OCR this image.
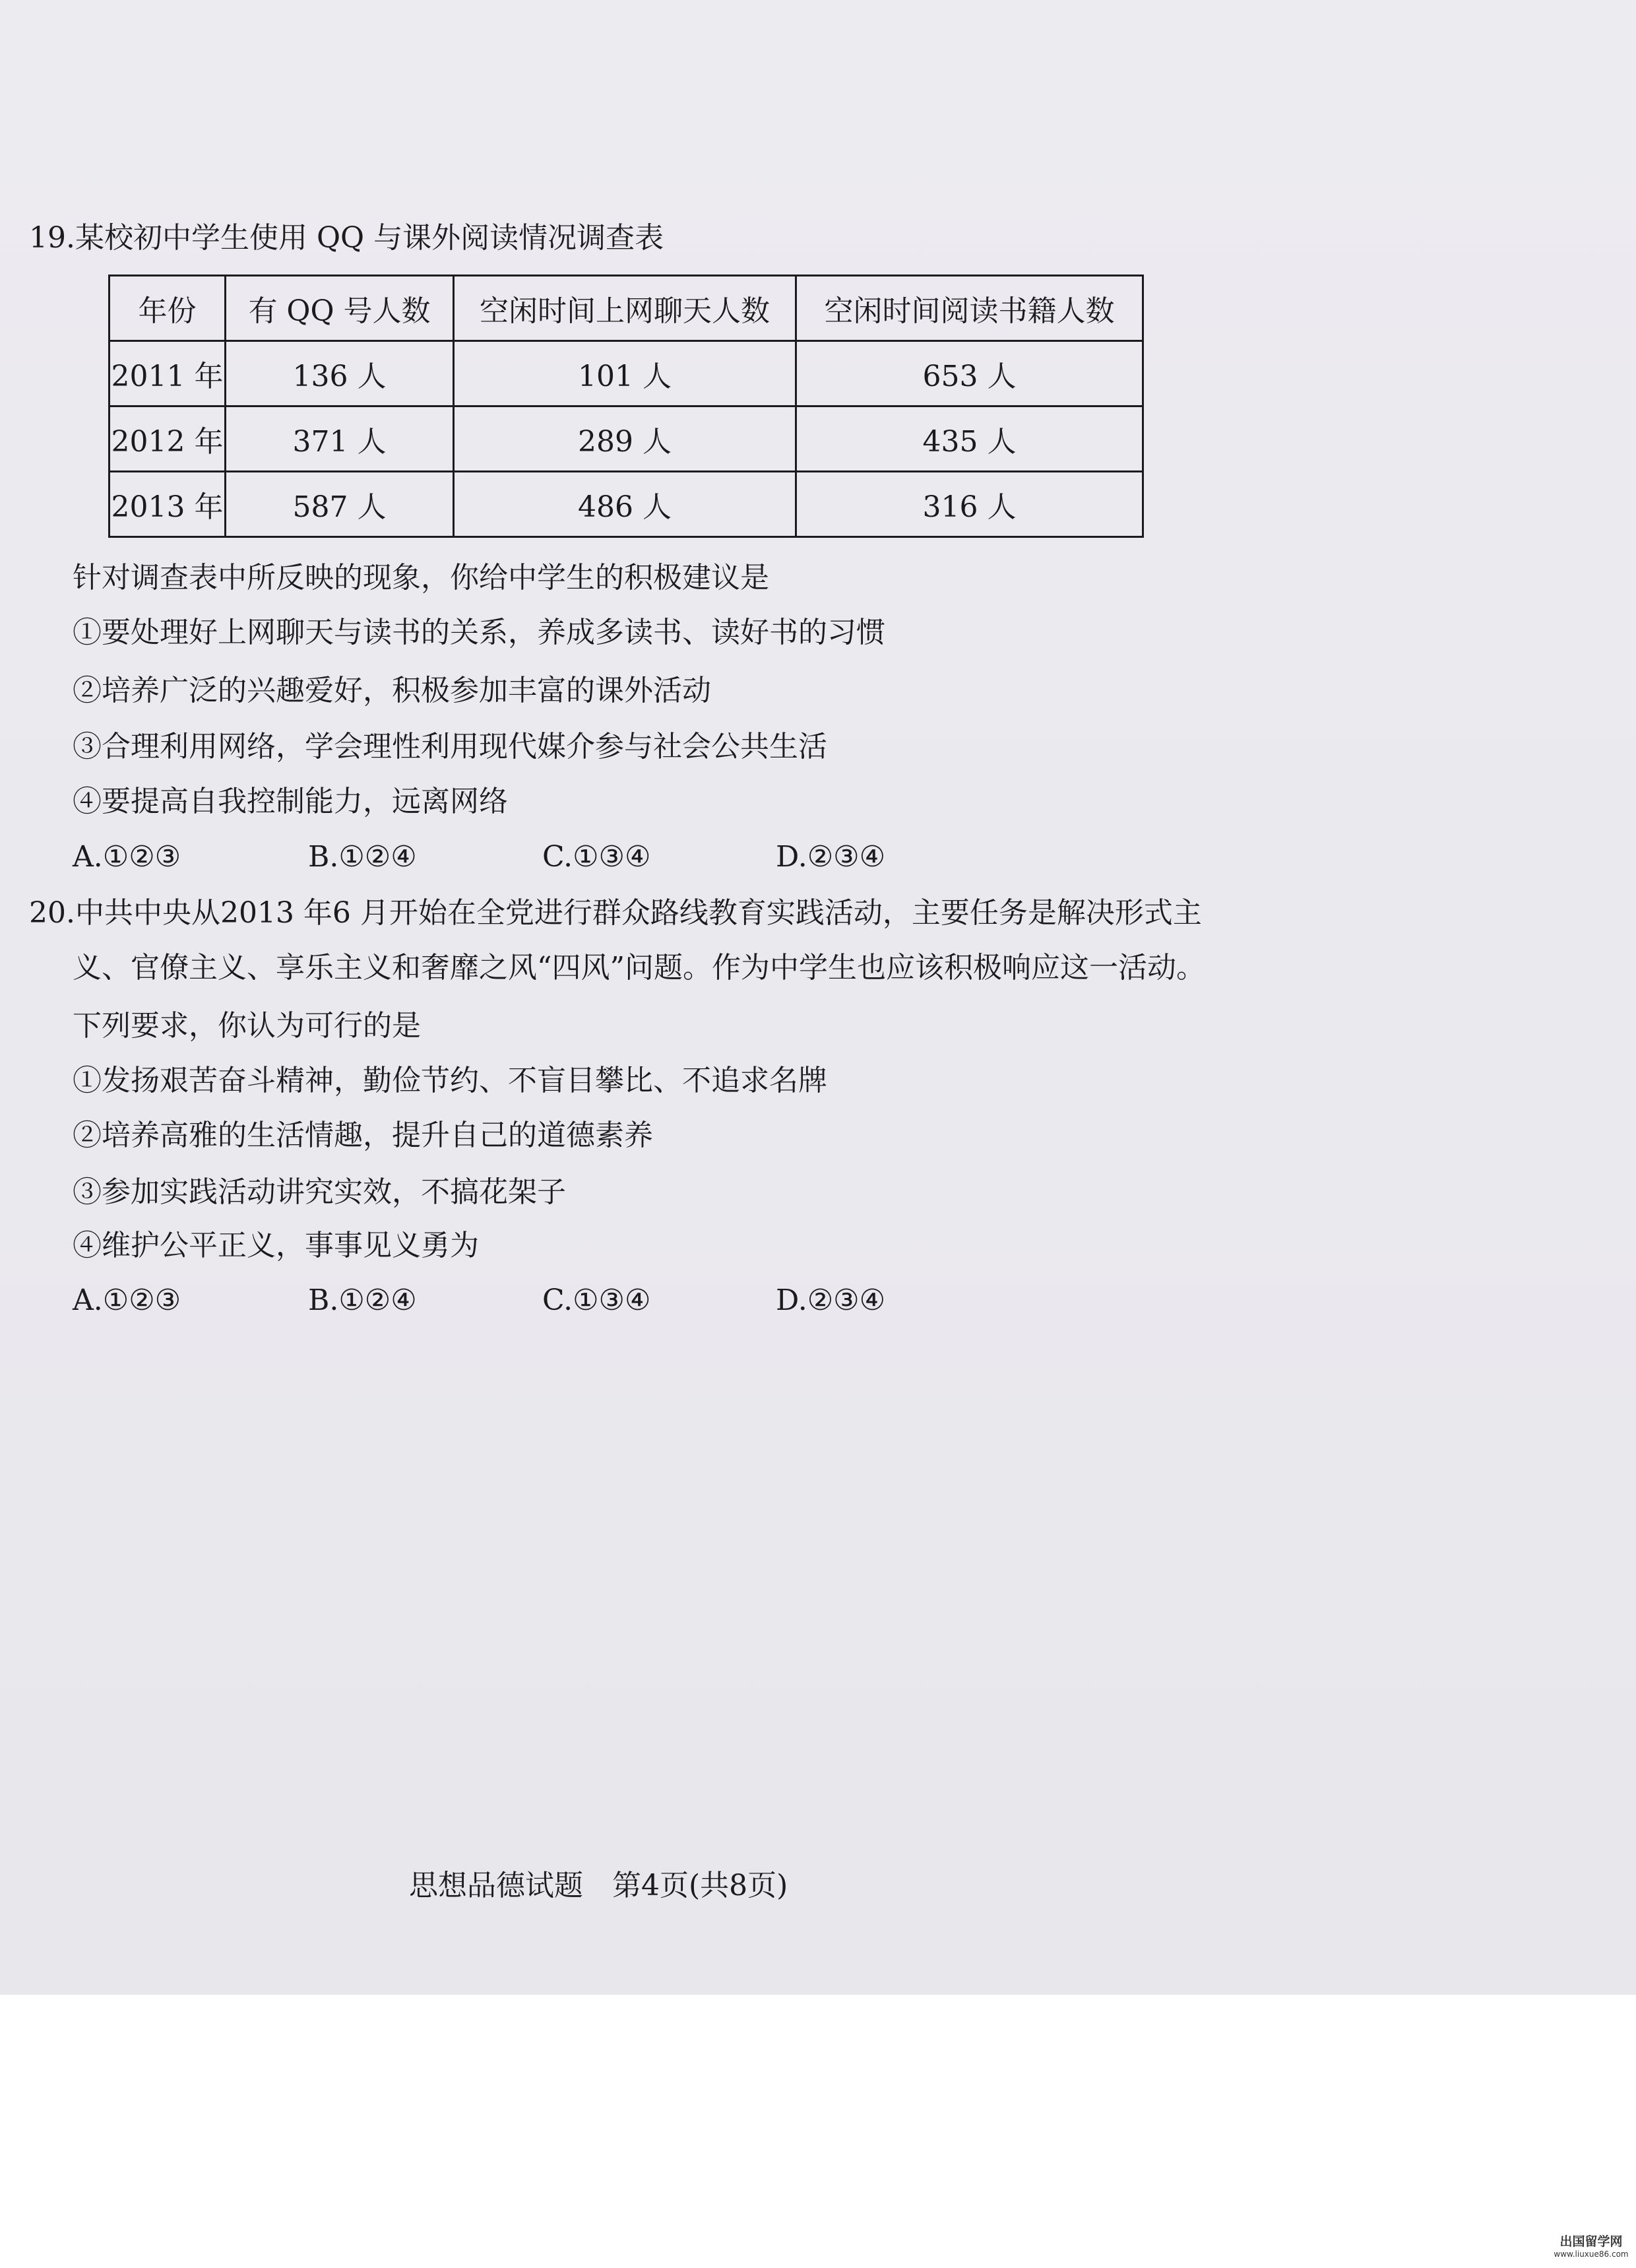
19.某校初中学生使用 QQ 与课外阅读情况调查表
年份	有 QQ 号人数	空闲时间上网聊天人数	空闲时间阅读书籍人数
2011 年	136 人	101 人	653 人
2012 年	371 人	289 人	435 人
2013 年	587 人	486 人	316 人
针对调查表中所反映的现象，你给中学生的积极建议是
①要处理好上网聊天与读书的关系，养成多读书、读好书的习惯
②培养广泛的兴趣爱好，积极参加丰富的课外活动
③合理利用网络，学会理性利用现代媒介参与社会公共生活
④要提高自我控制能力，远离网络
A.①②③	B.①②④	C.①③④	D.②③④
20.中共中央从2013 年6 月开始在全党进行群众路线教育实践活动，主要任务是解决形式主
义、官僚主义、享乐主义和奢靡之风“四风”问题。作为中学生也应该积极响应这一活动。
下列要求，你认为可行的是
①发扬艰苦奋斗精神，勤俭节约、不盲目攀比、不追求名牌
②培养高雅的生活情趣，提升自己的道德素养
③参加实践活动讲究实效，不搞花架子
④维护公平正义，事事见义勇为
A.①②③	B.①②④	C.①③④	D.②③④
思想品德试题　第4页(共8页)
出国留学网
www.liuxue86.com
